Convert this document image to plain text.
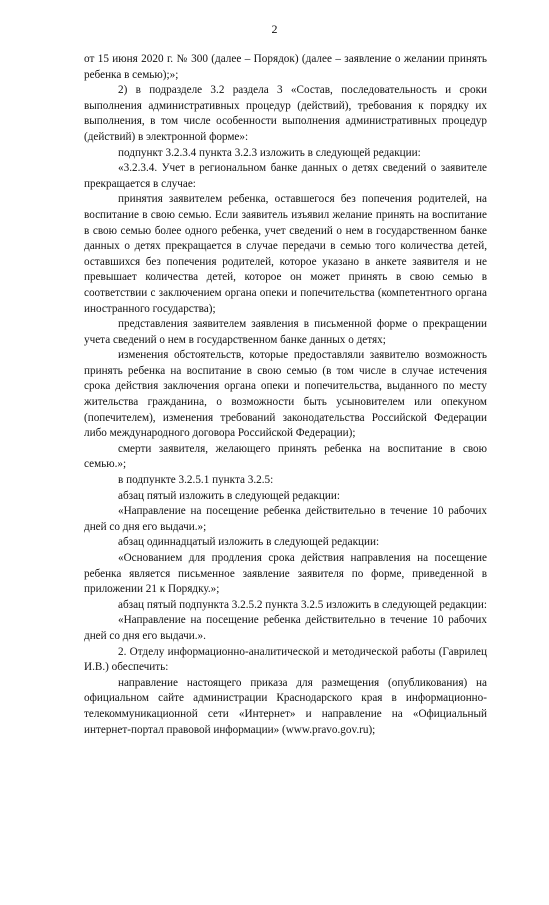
2

от 15 июня 2020 г. № 300 (далее – Порядок) (далее – заявление о желании принять ребенка в семью);»;

2) в подразделе 3.2 раздела 3 «Состав, последовательность и сроки выполнения административных процедур (действий), требования к порядку их выполнения, в том числе особенности выполнения административных процедур (действий) в электронной форме»:

подпункт 3.2.3.4 пункта 3.2.3 изложить в следующей редакции:

«3.2.3.4. Учет в региональном банке данных о детях сведений о заявителе прекращается в случае:

принятия заявителем ребенка, оставшегося без попечения родителей, на воспитание в свою семью. Если заявитель изъявил желание принять на воспитание в свою семью более одного ребенка, учет сведений о нем в государственном банке данных о детях прекращается в случае передачи в семью того количества детей, оставшихся без попечения родителей, которое указано в анкете заявителя и не превышает количества детей, которое он может принять в свою семью в соответствии с заключением органа опеки и попечительства (компетентного органа иностранного государства);

представления заявителем заявления в письменной форме о прекращении учета сведений о нем в государственном банке данных о детях;

изменения обстоятельств, которые предоставляли заявителю возможность принять ребенка на воспитание в свою семью (в том числе в случае истечения срока действия заключения органа опеки и попечительства, выданного по месту жительства гражданина, о возможности быть усыновителем или опекуном (попечителем), изменения требований законодательства Российской Федерации либо международного договора Российской Федерации);

смерти заявителя, желающего принять ребенка на воспитание в свою семью.»;

в подпункте 3.2.5.1 пункта 3.2.5:

абзац пятый изложить в следующей редакции:

«Направление на посещение ребенка действительно в течение 10 рабочих дней со дня его выдачи.»;

абзац одиннадцатый изложить в следующей редакции:

«Основанием для продления срока действия направления на посещение ребенка является письменное заявление заявителя по форме, приведенной в приложении 21 к Порядку.»;

абзац пятый подпункта 3.2.5.2 пункта 3.2.5 изложить в следующей редакции:

«Направление на посещение ребенка действительно в течение 10 рабочих дней со дня его выдачи.».

2. Отделу информационно-аналитической и методической работы (Гаврилец И.В.) обеспечить:

направление настоящего приказа для размещения (опубликования) на официальном сайте администрации Краснодарского края в информационно-телекоммуникационной сети «Интернет» и направление на «Официальный интернет-портал правовой информации» (www.pravo.gov.ru);
